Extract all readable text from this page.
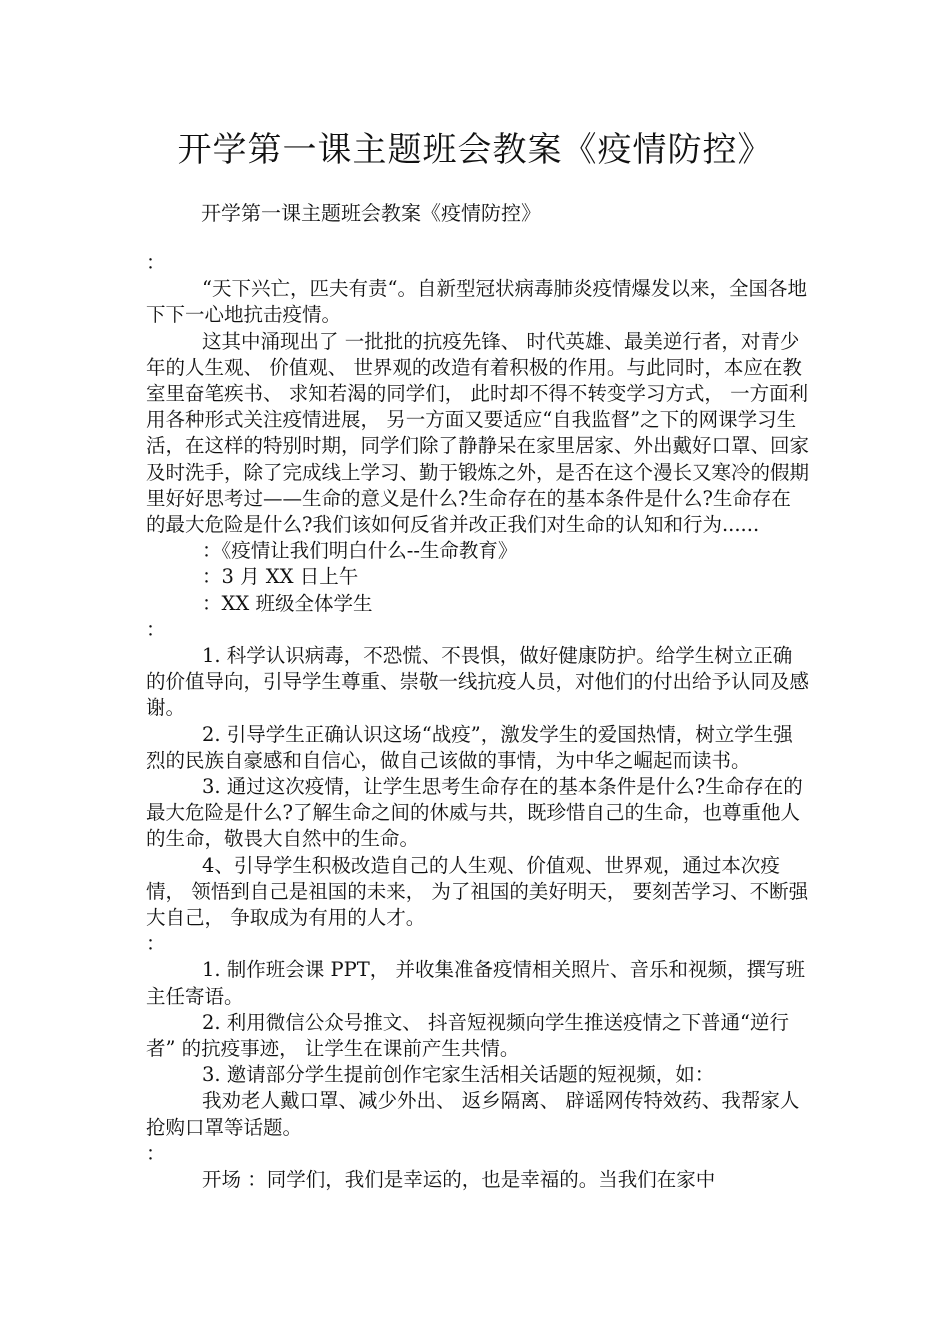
开学第一课主题班会教案《疫情防控》
开学第一课主题班会教案《疫情防控》

：

“天下兴亡，匹夫有责“。自新型冠状病毒肺炎疫情爆发以来，全国各地下下一心地抗击疫情。

这其中涌现出了 一批批的抗疫先锋、 时代英雄、最美逆行者，对青少年的人生观、 价值观、 世界观的改造有着积极的作用。与此同时，本应在教室里奋笔疾书、 求知若渴的同学们， 此时却不得不转变学习方式， 一方面利用各种形式关注疫情进展， 另一方面又要适应“自我监督”之下的网课学习生活，在这样的特别时期，同学们除了静静呆在家里居家、外出戴好口罩、回家及时洗手，除了完成线上学习、勤于锻炼之外，是否在这个漫长又寒冷的假期里好好思考过——生命的意义是什么?生命存在的基本条件是什么?生命存在的最大危险是什么?我们该如何反省并改正我们对生命的认知和行为......

：《疫情让我们明白什么--生命教育》

：3 月 XX 日上午

：XX 班级全体学生

：

1. 科学认识病毒，不恐慌、不畏惧，做好健康防护。给学生树立正确的价值导向，引导学生尊重、崇敬一线抗疫人员，对他们的付出给予认同及感谢。

2. 引导学生正确认识这场“战疫”，激发学生的爱国热情，树立学生强烈的民族自豪感和自信心，做自己该做的事情，为中华之崛起而读书。

3. 通过这次疫情，让学生思考生命存在的基本条件是什么?生命存在的最大危险是什么?了解生命之间的休威与共，既珍惜自己的生命，也尊重他人的生命，敬畏大自然中的生命。

4、引导学生积极改造自己的人生观、价值观、世界观，通过本次疫情， 领悟到自己是祖国的未来， 为了祖国的美好明天， 要刻苦学习、不断强大自己， 争取成为有用的人才。

：

1. 制作班会课 PPT， 并收集准备疫情相关照片、音乐和视频，撰写班主任寄语。

2. 利用微信公众号推文、 抖音短视频向学生推送疫情之下普通“逆行者” 的抗疫事迹， 让学生在课前产生共情。

3. 邀请部分学生提前创作宅家生活相关话题的短视频，如：

我劝老人戴口罩、减少外出、 返乡隔离、 辟谣网传特效药、我帮家人抢购口罩等话题。

：

开场 ：同学们，我们是幸运的，也是幸福的。当我们在家中
